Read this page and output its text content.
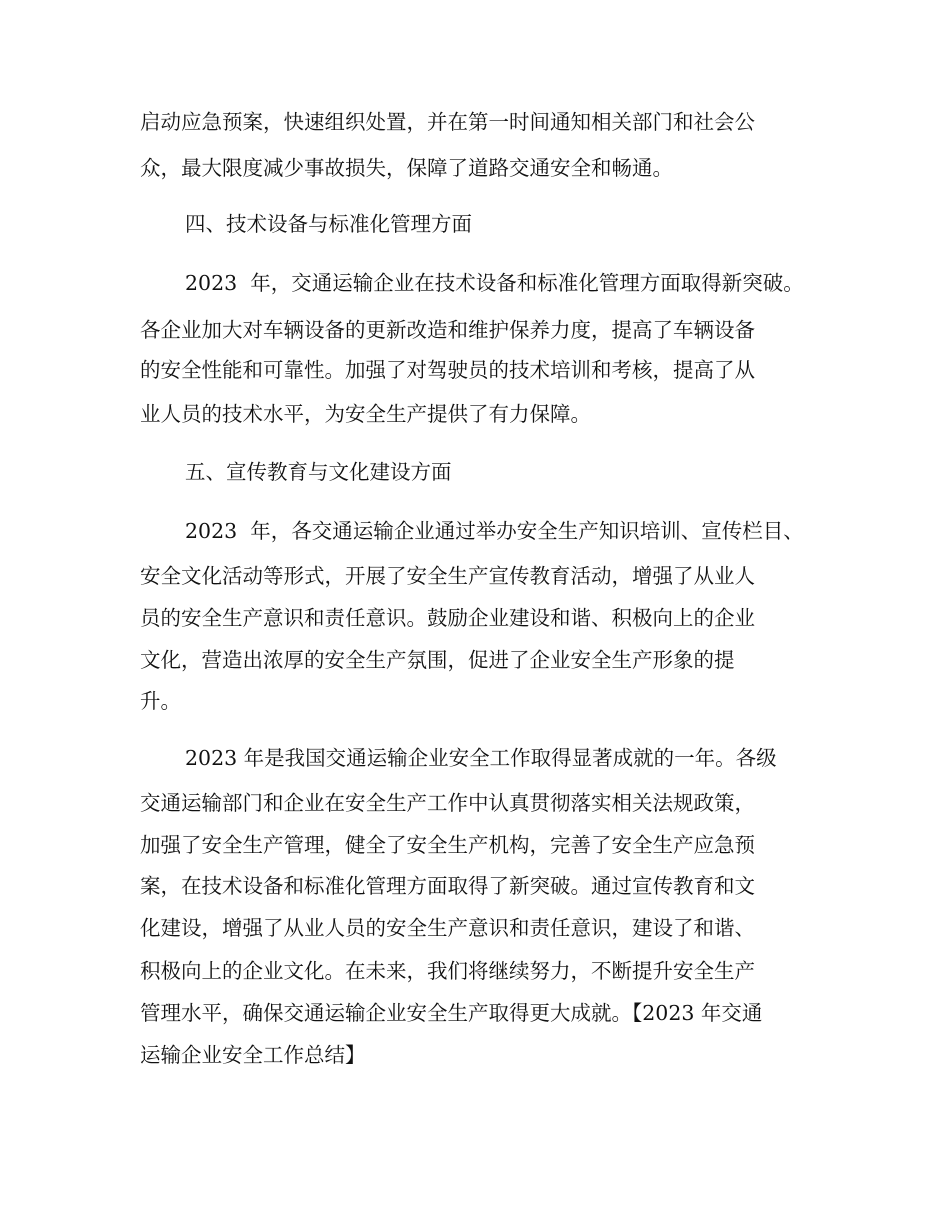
启动应急预案，快速组织处置，并在第一时间通知相关部门和社会公
众，最大限度减少事故损失，保障了道路交通安全和畅通。
四、技术设备与标准化管理方面
2023  年，交通运输企业在技术设备和标准化管理方面取得新突破。
各企业加大对车辆设备的更新改造和维护保养力度，提高了车辆设备
的安全性能和可靠性。加强了对驾驶员的技术培训和考核，提高了从
业人员的技术水平，为安全生产提供了有力保障。
五、宣传教育与文化建设方面
2023  年，各交通运输企业通过举办安全生产知识培训、宣传栏目、
安全文化活动等形式，开展了安全生产宣传教育活动，增强了从业人
员的安全生产意识和责任意识。鼓励企业建设和谐、积极向上的企业
文化，营造出浓厚的安全生产氛围，促进了企业安全生产形象的提
升。
2023 年是我国交通运输企业安全工作取得显著成就的一年。各级
交通运输部门和企业在安全生产工作中认真贯彻落实相关法规政策，
加强了安全生产管理，健全了安全生产机构，完善了安全生产应急预
案，在技术设备和标准化管理方面取得了新突破。通过宣传教育和文
化建设，增强了从业人员的安全生产意识和责任意识，建设了和谐、
积极向上的企业文化。在未来，我们将继续努力，不断提升安全生产
管理水平，确保交通运输企业安全生产取得更大成就。【2023 年交通
运输企业安全工作总结】
